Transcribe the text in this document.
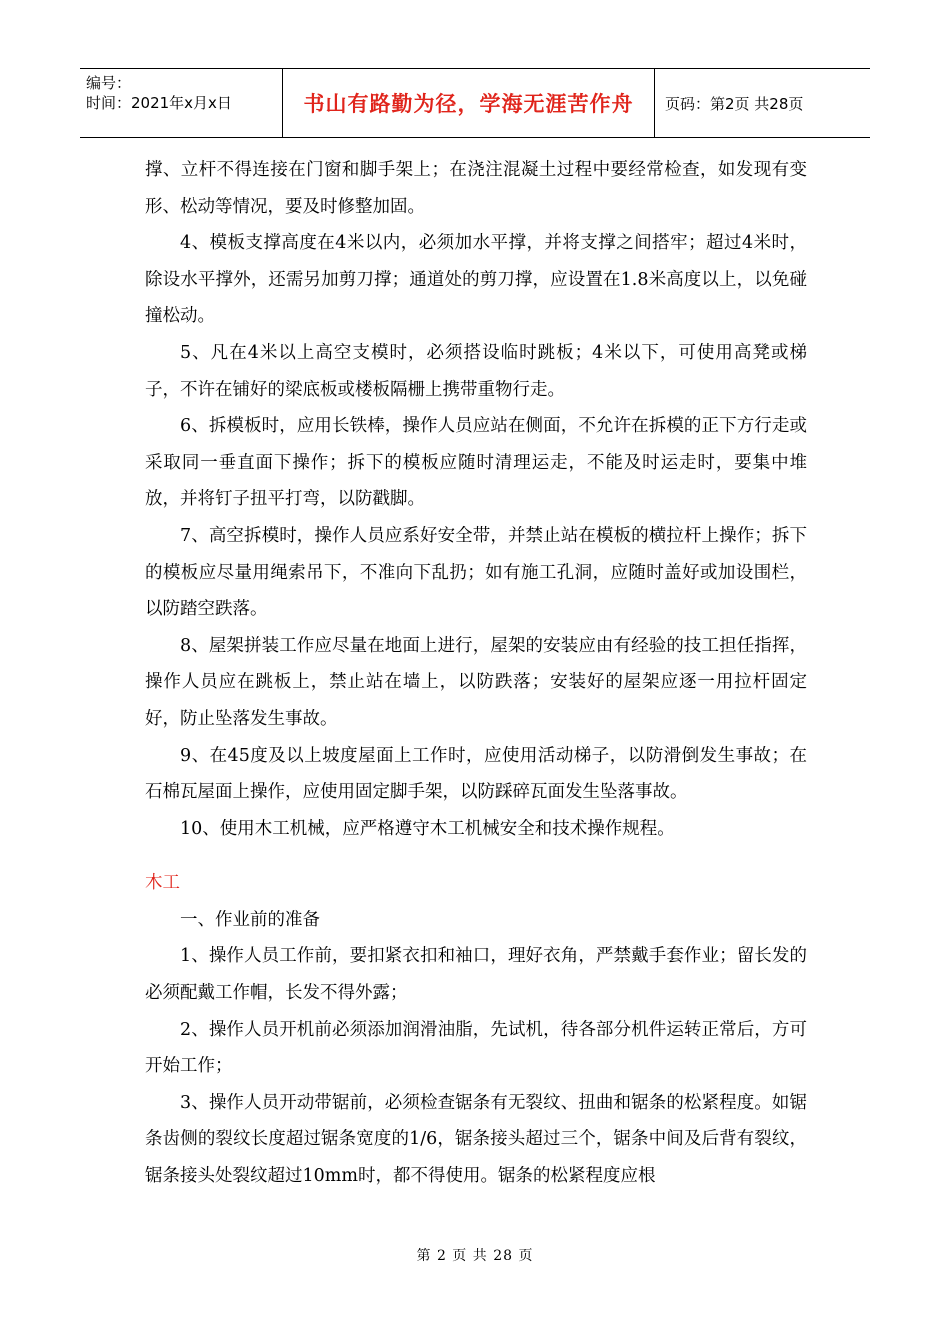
编号：
时间：2021年x月x日	书山有路勤为径，学海无涯苦作舟 页码：第2页 共28页

撑、立杆不得连接在门窗和脚手架上；在浇注混凝土过程中要经常检查，如发现有变形、松动等情况，要及时修整加固。

4、模板支撑高度在4米以内，必须加水平撑，并将支撑之间搭牢；超过4米时，除设水平撑外，还需另加剪刀撑；通道处的剪刀撑，应设置在1.8米高度以上，以免碰撞松动。

5、凡在4米以上高空支模时，必须搭设临时跳板；4米以下，可使用高凳或梯子，不许在铺好的梁底板或楼板隔栅上携带重物行走。

6、拆模板时，应用长铁棒，操作人员应站在侧面，不允许在拆模的正下方行走或采取同一垂直面下操作；拆下的模板应随时清理运走，不能及时运走时，要集中堆放，并将钉子扭平打弯，以防戳脚。

7、高空拆模时，操作人员应系好安全带，并禁止站在模板的横拉杆上操作；拆下的模板应尽量用绳索吊下，不准向下乱扔；如有施工孔洞，应随时盖好或加设围栏，以防踏空跌落。

8、屋架拼装工作应尽量在地面上进行，屋架的安装应由有经验的技工担任指挥，操作人员应在跳板上，禁止站在墙上，以防跌落；安装好的屋架应逐一用拉杆固定好，防止坠落发生事故。

9、在45度及以上坡度屋面上工作时，应使用活动梯子，以防滑倒发生事故；在石棉瓦屋面上操作，应使用固定脚手架，以防踩碎瓦面发生坠落事故。

10、使用木工机械，应严格遵守木工机械安全和技术操作规程。

木工

一、作业前的准备

1、操作人员工作前，要扣紧衣扣和袖口，理好衣角，严禁戴手套作业；留长发的必须配戴工作帽，长发不得外露；

2、操作人员开机前必须添加润滑油脂，先试机，待各部分机件运转正常后，方可开始工作；

3、操作人员开动带锯前，必须检查锯条有无裂纹、扭曲和锯条的松紧程度。如锯条齿侧的裂纹长度超过锯条宽度的1/6，锯条接头超过三个，锯条中间及后背有裂纹，锯条接头处裂纹超过10mm时，都不得使用。锯条的松紧程度应根

第 2 页 共 28 页
